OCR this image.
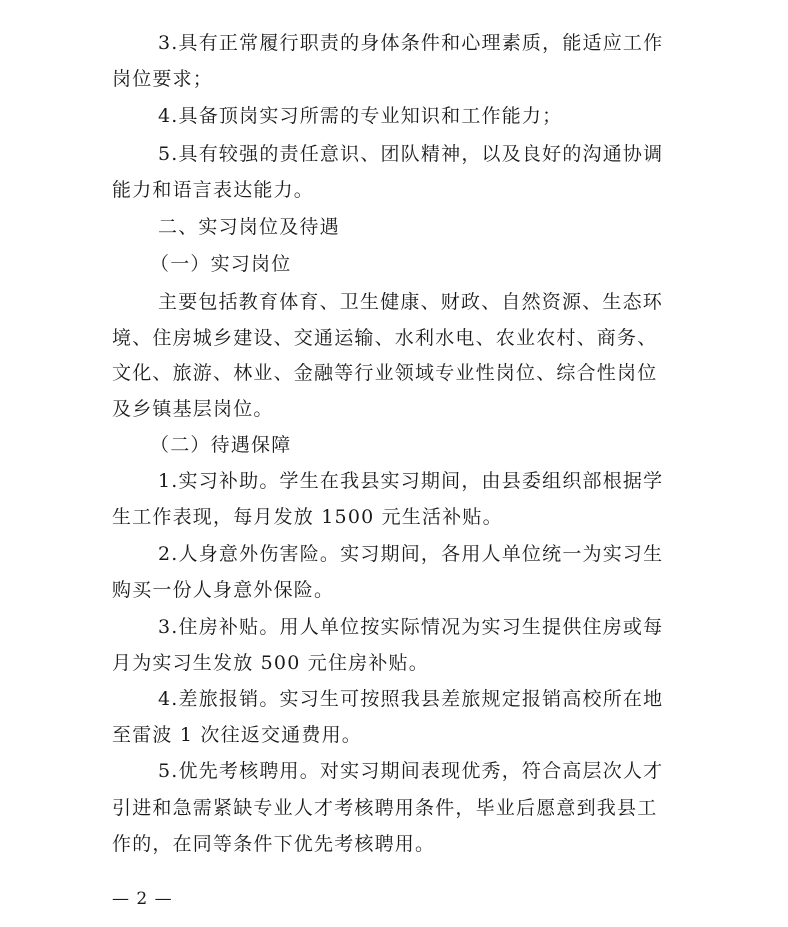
3.具有正常履行职责的身体条件和心理素质，能适应工作
岗位要求；
4.具备顶岗实习所需的专业知识和工作能力；
5.具有较强的责任意识、团队精神，以及良好的沟通协调
能力和语言表达能力。
二、实习岗位及待遇
（一）实习岗位
主要包括教育体育、卫生健康、财政、自然资源、生态环
境、住房城乡建设、交通运输、水利水电、农业农村、商务、
文化、旅游、林业、金融等行业领域专业性岗位、综合性岗位
及乡镇基层岗位。
（二）待遇保障
1.实习补助。学生在我县实习期间，由县委组织部根据学
生工作表现，每月发放 1500 元生活补贴。
2.人身意外伤害险。实习期间，各用人单位统一为实习生
购买一份人身意外保险。
3.住房补贴。用人单位按实际情况为实习生提供住房或每
月为实习生发放 500 元住房补贴。
4.差旅报销。实习生可按照我县差旅规定报销高校所在地
至雷波 1 次往返交通费用。
5.优先考核聘用。对实习期间表现优秀，符合高层次人才
引进和急需紧缺专业人才考核聘用条件，毕业后愿意到我县工
作的，在同等条件下优先考核聘用。
— 2 —
